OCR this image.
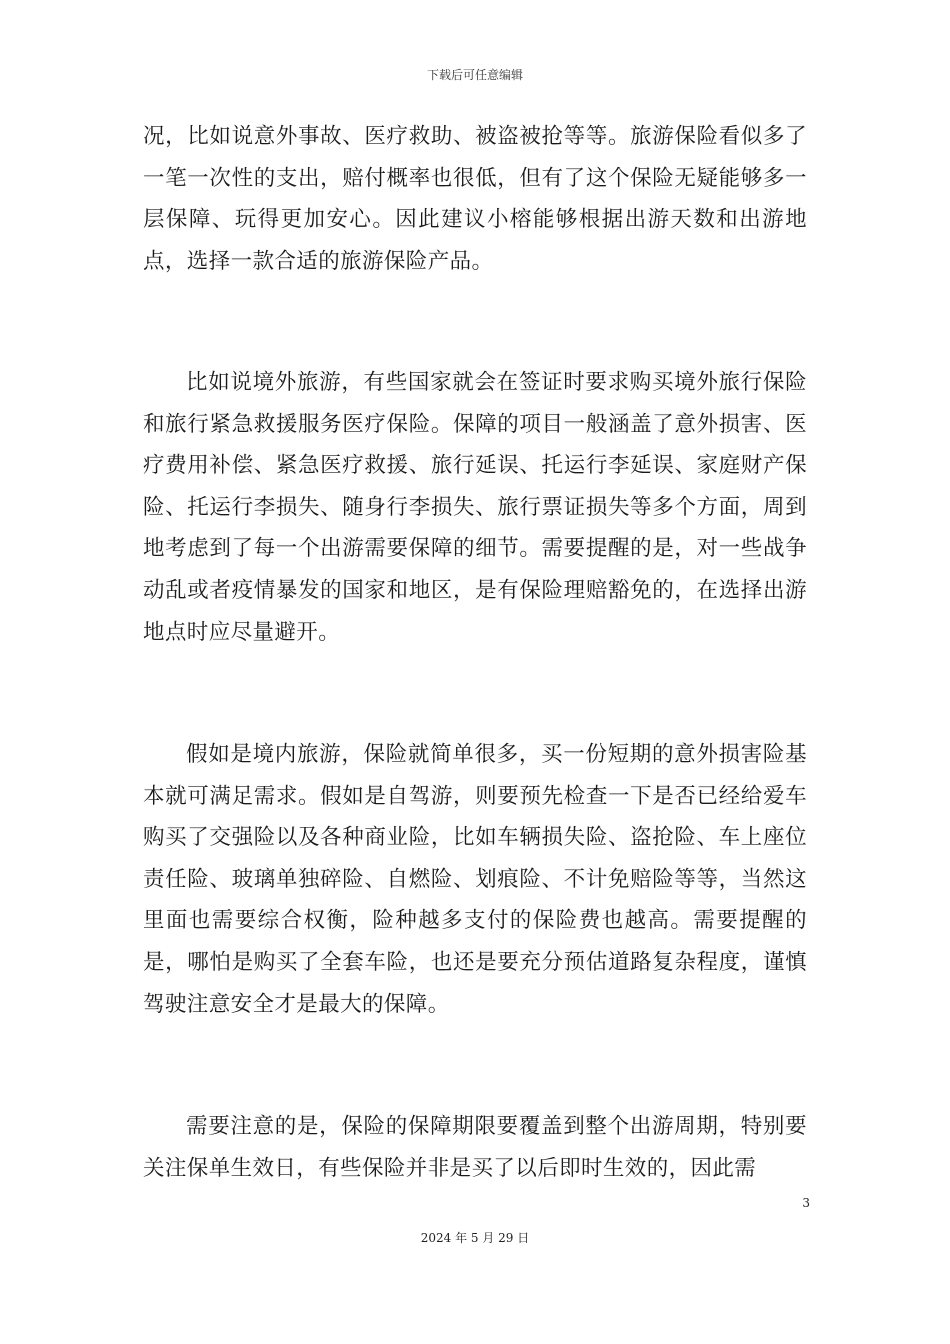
下载后可任意编辑

况，比如说意外事故、医疗救助、被盗被抢等等。旅游保险看似多了一笔一次性的支出，赔付概率也很低，但有了这个保险无疑能够多一层保障、玩得更加安心。因此建议小榕能够根据出游天数和出游地点，选择一款合适的旅游保险产品。

比如说境外旅游，有些国家就会在签证时要求购买境外旅行保险和旅行紧急救援服务医疗保险。保障的项目一般涵盖了意外损害、医疗费用补偿、紧急医疗救援、旅行延误、托运行李延误、家庭财产保险、托运行李损失、随身行李损失、旅行票证损失等多个方面，周到地考虑到了每一个出游需要保障的细节。需要提醒的是，对一些战争动乱或者疫情暴发的国家和地区，是有保险理赔豁免的，在选择出游地点时应尽量避开。

假如是境内旅游，保险就简单很多，买一份短期的意外损害险基本就可满足需求。假如是自驾游，则要预先检查一下是否已经给爱车购买了交强险以及各种商业险，比如车辆损失险、盗抢险、车上座位责任险、玻璃单独碎险、自燃险、划痕险、不计免赔险等等，当然这里面也需要综合权衡，险种越多支付的保险费也越高。需要提醒的是，哪怕是购买了全套车险，也还是要充分预估道路复杂程度，谨慎驾驶注意安全才是最大的保障。

需要注意的是，保险的保障期限要覆盖到整个出游周期，特别要关注保单生效日，有些保险并非是买了以后即时生效的，因此需

3
2024 年 5 月 29 日
